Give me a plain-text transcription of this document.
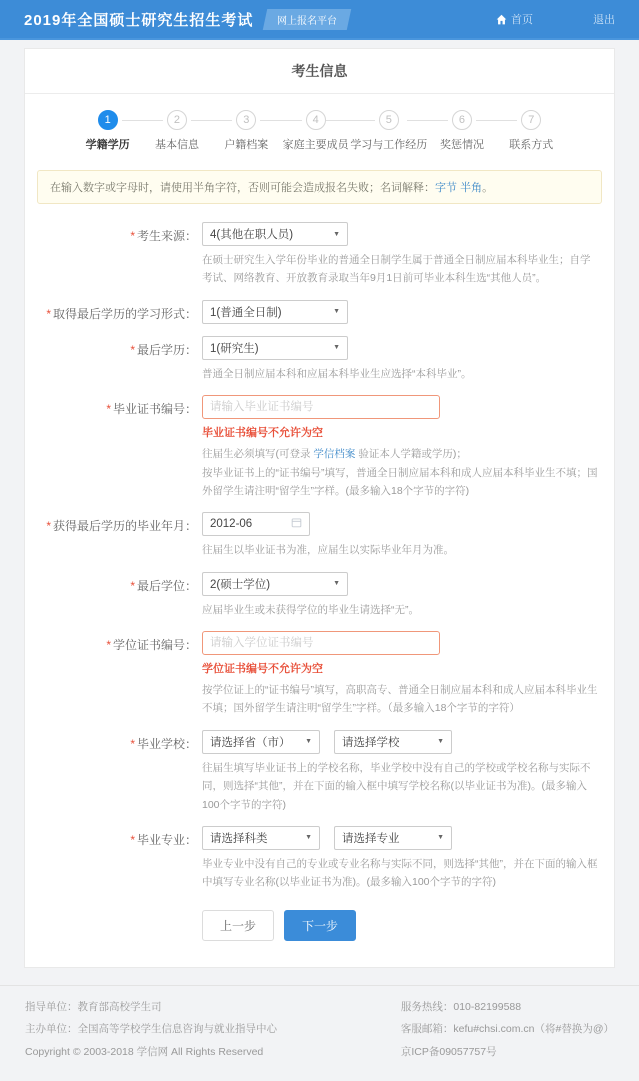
2019年全国硕士研究生招生考试	网上报名平台	首页	退出
考生信息
1
学籍学历
2
基本信息
3
户籍档案
4
家庭主要成员
5
学习与工作经历
6
奖惩情况
7
联系方式
在输入数字或字母时，请使用半角字符，否则可能会造成报名失败；名词解释：字节 半角。
* 考生来源： 4(其他在职人员)	▼
在硕士研究生入学年份毕业的普通全日制学生属于普通全日制应届本科毕业生；自学考试、网络教育、开放教育录取当年9月1日前可毕业本科生选“其他人员”。
* 取得最后学历的学习形式： 1(普通全日制)	▼
* 最后学历： 1(研究生)	▼
普通全日制应届本科和应届本科毕业生应选择“本科毕业”。
* 毕业证书编号：
请输入毕业证书编号
毕业证书编号不允许为空
往届生必须填写(可登录 学信档案 验证本人学籍或学历)；
按毕业证书上的“证书编号”填写，普通全日制应届本科和成人应届本科毕业生不填；国外留学生请注明“留学生”字样。(最多输入18个字节的字符)
* 获得最后学历的毕业年月： 2012-06
往届生以毕业证书为准，应届生以实际毕业年月为准。
* 最后学位： 2(硕士学位)	▼
应届毕业生或未获得学位的毕业生请选择“无”。
* 学位证书编号：
请输入学位证书编号
学位证书编号不允许为空
按学位证上的“证书编号”填写，高职高专、普通全日制应届本科和成人应届本科毕业生不填；国外留学生请注明“留学生”字样。（最多输入18个字节的字符）
* 毕业学校： 请选择省（市）	▼	请选择学校	▼
往届生填写毕业证书上的学校名称，毕业学校中没有自己的学校或学校名称与实际不同，则选择“其他”，并在下面的输入框中填写学校名称(以毕业证书为准)。(最多输入100个字节的字符)
* 毕业专业： 请选择科类	▼	请选择专业	▼
毕业专业中没有自己的专业或专业名称与实际不同，则选择“其他”，并在下面的输入框中填写专业名称(以毕业证书为准)。(最多输入100个字节的字符)
上一步	下一步
指导单位：教育部高校学生司
主办单位：全国高等学校学生信息咨询与就业指导中心
Copyright © 2003-2018 学信网 All Rights Reserved
服务热线：010-82199588
客服邮箱：kefu#chsi.com.cn（将#替换为@）
京ICP备09057757号
